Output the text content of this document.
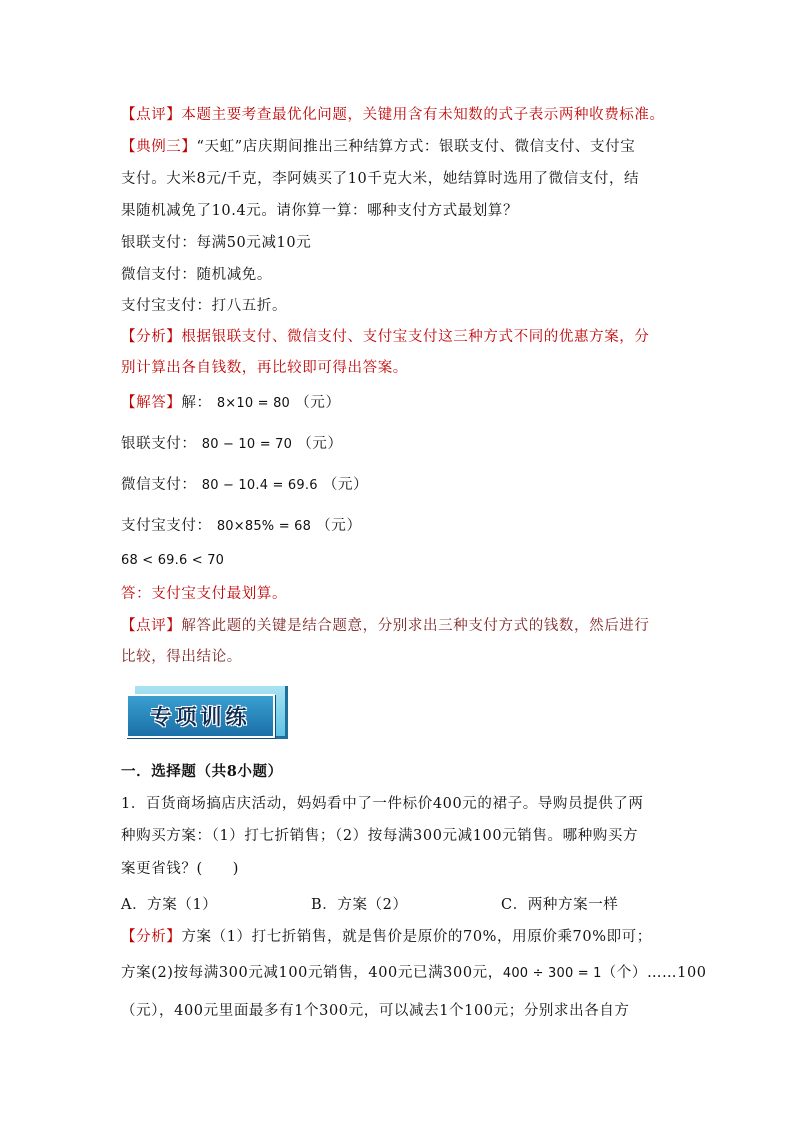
【点评】本题主要考查最优化问题，关键用含有未知数的式子表示两种收费标准。
【典例三】“天虹”店庆期间推出三种结算方式：银联支付、微信支付、支付宝
支付。大米8元/千克，李阿姨买了10千克大米，她结算时选用了微信支付，结
果随机减免了10.4元。请你算一算：哪种支付方式最划算？
银联支付：每满50元减10元
微信支付：随机减免。
支付宝支付：打八五折。
【分析】根据银联支付、微信支付、支付宝支付这三种方式不同的优惠方案，分
别计算出各自钱数，再比较即可得出答案。
【解答】解： 8×10 = 80 （元）
银联支付： 80 − 10 = 70 （元）
微信支付： 80 − 10.4 = 69.6 （元）
支付宝支付： 80×85% = 68 （元）
68 < 69.6 < 70
答：支付宝支付最划算。
【点评】解答此题的关键是结合题意，分别求出三种支付方式的钱数，然后进行
比较，得出结论。
专项训练
一．选择题（共8小题）
1．百货商场搞店庆活动，妈妈看中了一件标价400元的裙子。导购员提供了两
种购买方案：（1）打七折销售；（2）按每满300元减100元销售。哪种购买方
案更省钱？( )
A．方案（1）	B．方案（2）	C．两种方案一样
【分析】方案（1）打七折销售，就是售价是原价的70%，用原价乘70%即可；
方案(2)按每满300元减100元销售，400元已满300元，400 ÷ 300 = 1（个）……100
（元），400元里面最多有1个300元，可以减去1个100元；分别求出各自方
